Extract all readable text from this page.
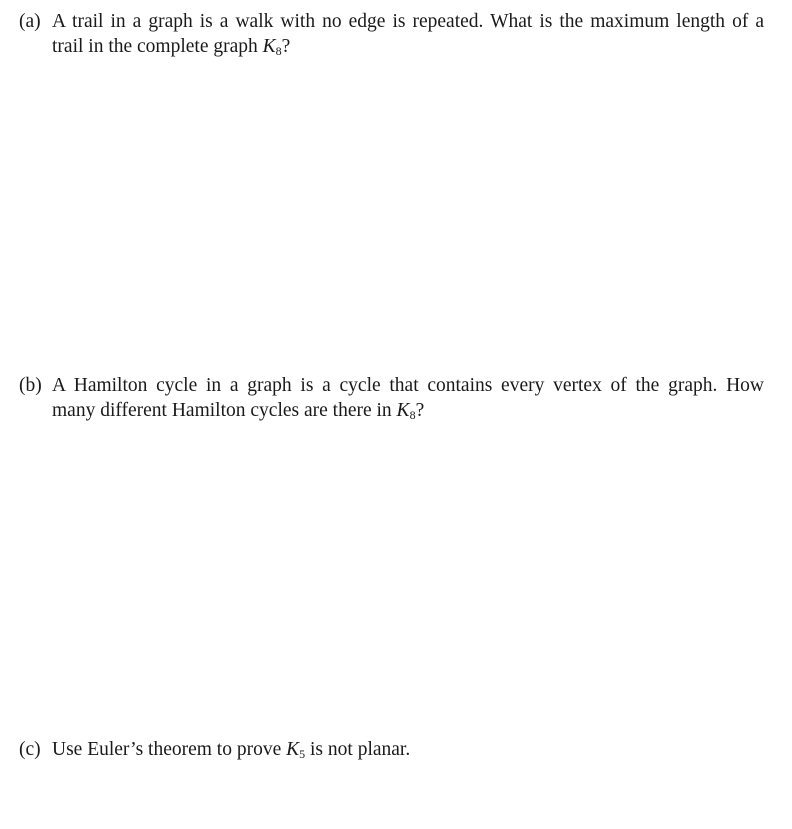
(a) A trail in a graph is a walk with no edge is repeated. What is the maximum length of a
trail in the complete graph $K_8$?
(b) A Hamilton cycle in a graph is a cycle that contains every vertex of the graph. How
many different Hamilton cycles are there in $K_8$?
(c) Use Euler’s theorem to prove $K_5$ is not planar.
